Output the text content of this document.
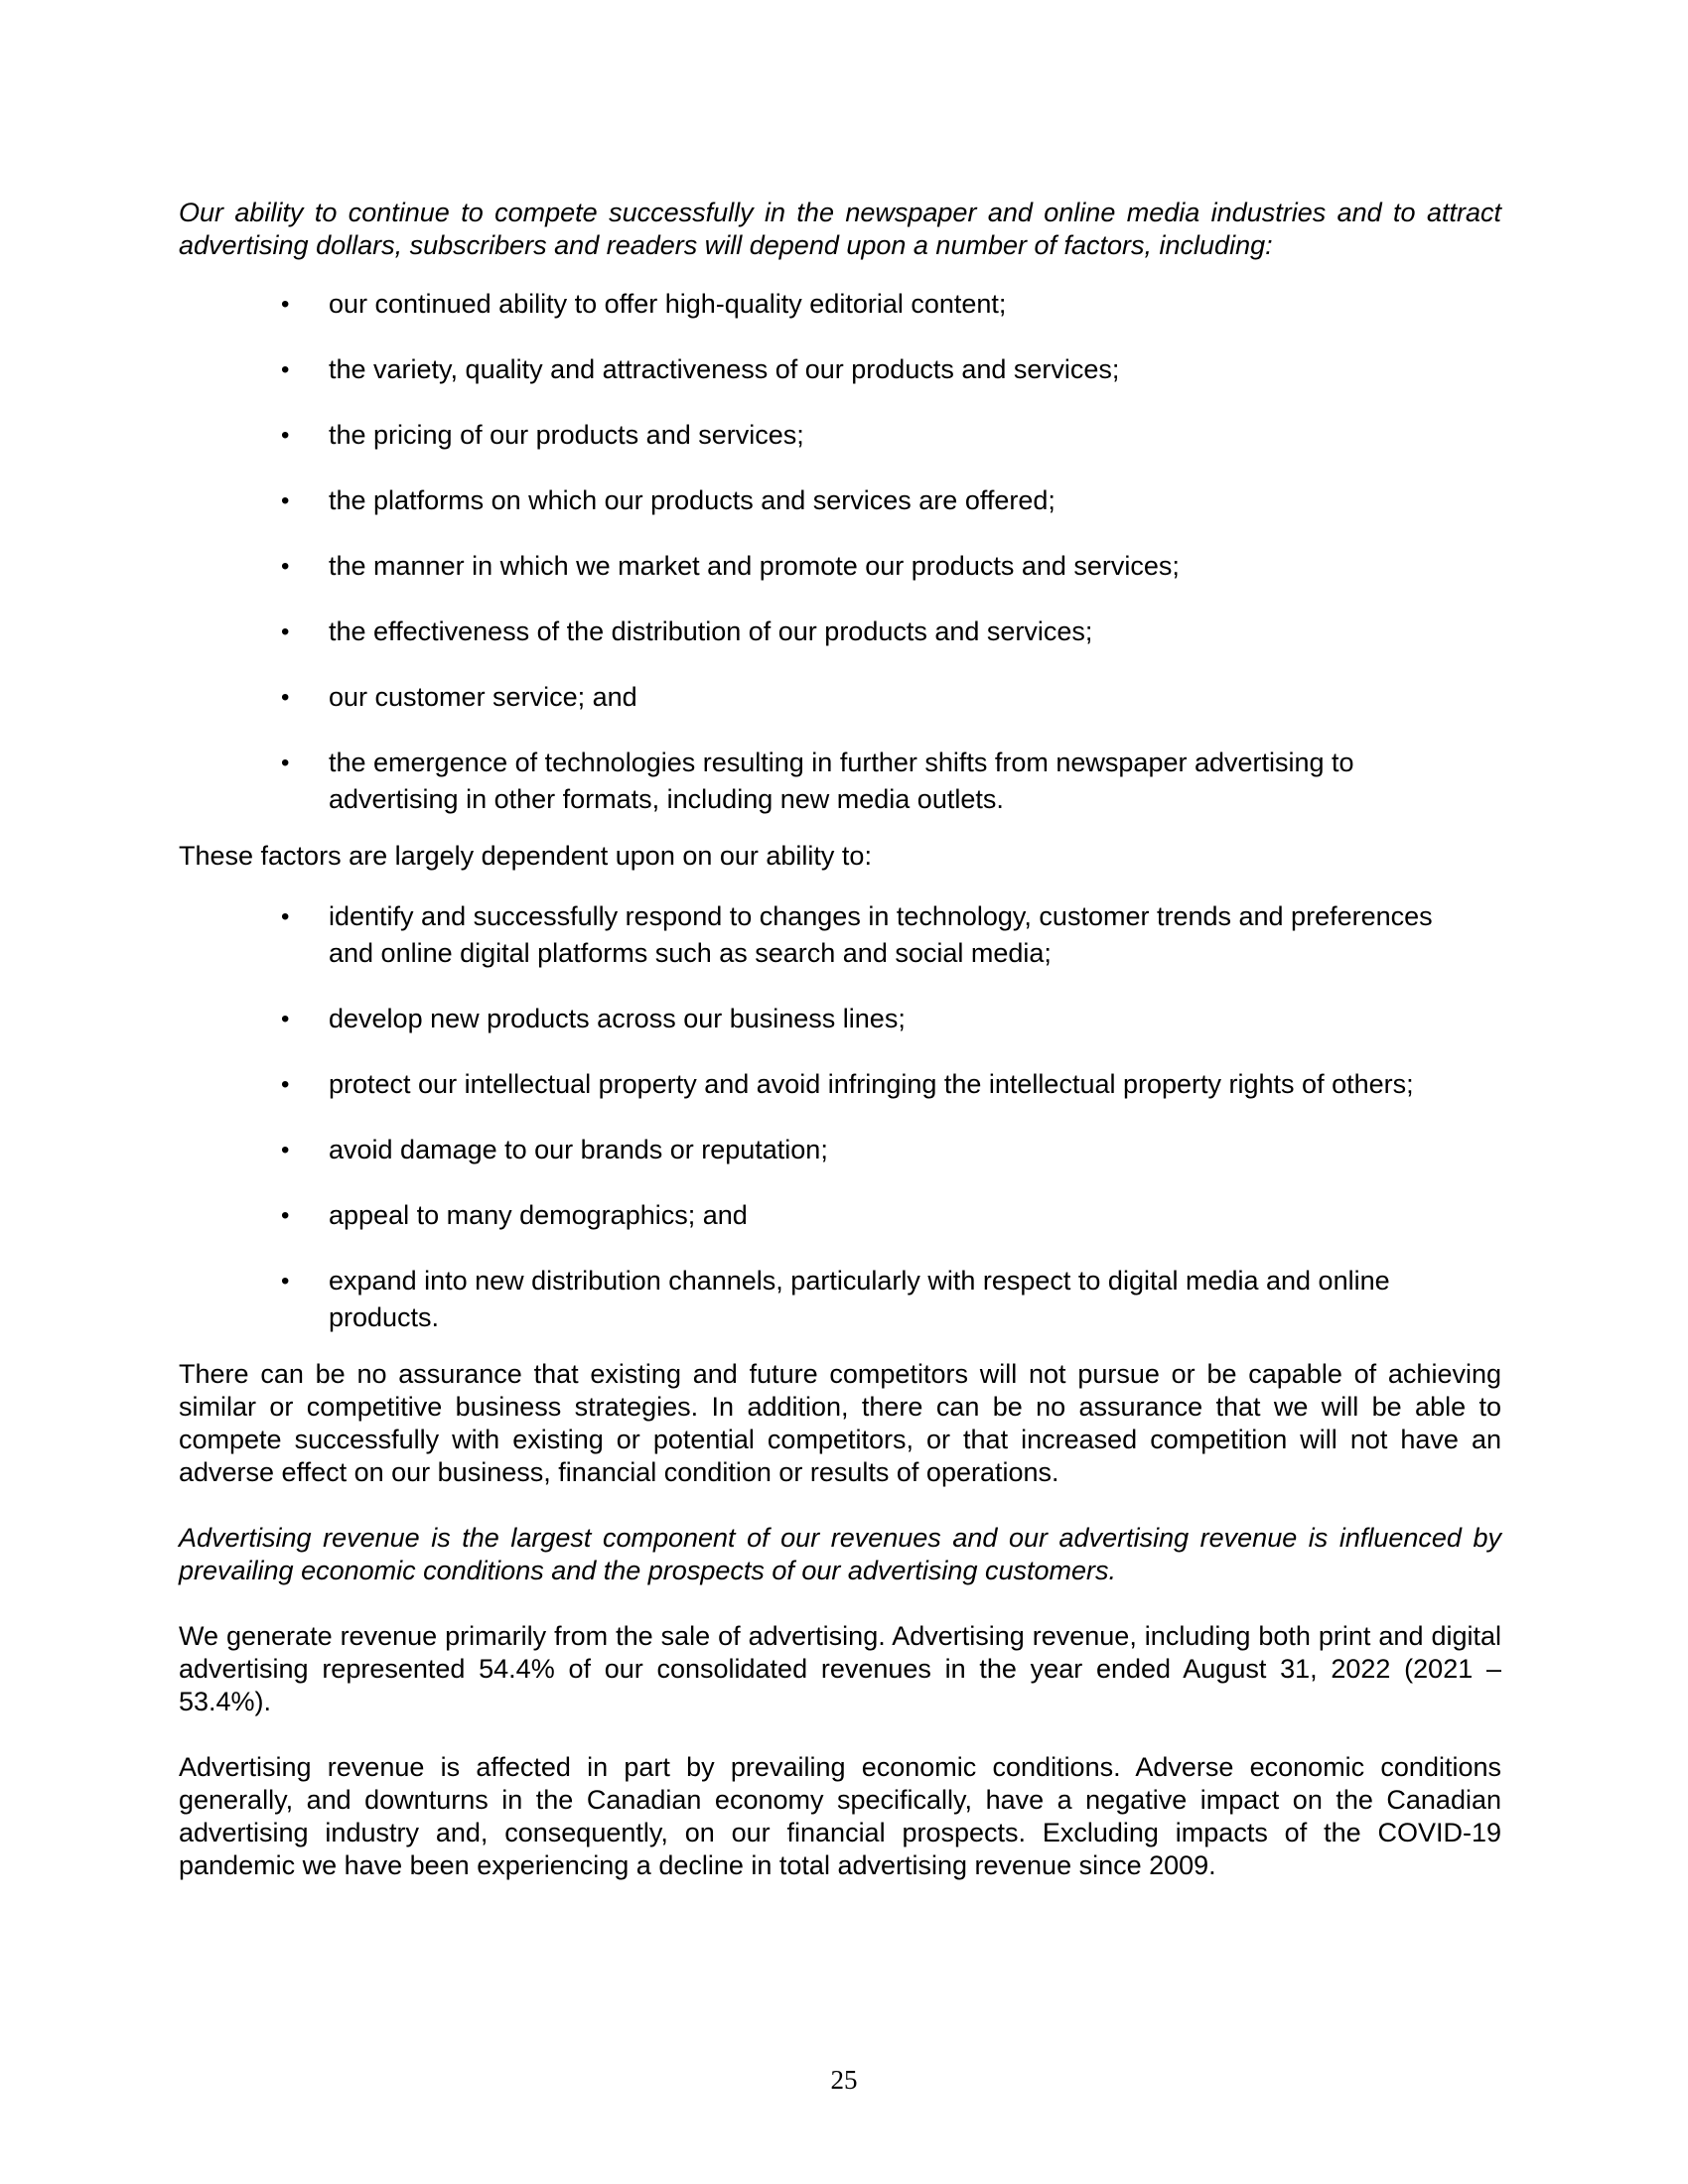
Our ability to continue to compete successfully in the newspaper and online media industries and to attract advertising dollars, subscribers and readers will depend upon a number of factors, including:

• our continued ability to offer high-quality editorial content;
• the variety, quality and attractiveness of our products and services;
• the pricing of our products and services;
• the platforms on which our products and services are offered;
• the manner in which we market and promote our products and services;
• the effectiveness of the distribution of our products and services;
• our customer service; and
• the emergence of technologies resulting in further shifts from newspaper advertising to advertising in other formats, including new media outlets.

These factors are largely dependent upon on our ability to:

• identify and successfully respond to changes in technology, customer trends and preferences and online digital platforms such as search and social media;
• develop new products across our business lines;
• protect our intellectual property and avoid infringing the intellectual property rights of others;
• avoid damage to our brands or reputation;
• appeal to many demographics; and
• expand into new distribution channels, particularly with respect to digital media and online products.

There can be no assurance that existing and future competitors will not pursue or be capable of achieving similar or competitive business strategies. In addition, there can be no assurance that we will be able to compete successfully with existing or potential competitors, or that increased competition will not have an adverse effect on our business, financial condition or results of operations.

Advertising revenue is the largest component of our revenues and our advertising revenue is influenced by prevailing economic conditions and the prospects of our advertising customers.

We generate revenue primarily from the sale of advertising. Advertising revenue, including both print and digital advertising represented 54.4% of our consolidated revenues in the year ended August 31, 2022 (2021 – 53.4%).

Advertising revenue is affected in part by prevailing economic conditions. Adverse economic conditions generally, and downturns in the Canadian economy specifically, have a negative impact on the Canadian advertising industry and, consequently, on our financial prospects. Excluding impacts of the COVID-19 pandemic we have been experiencing a decline in total advertising revenue since 2009.

25
